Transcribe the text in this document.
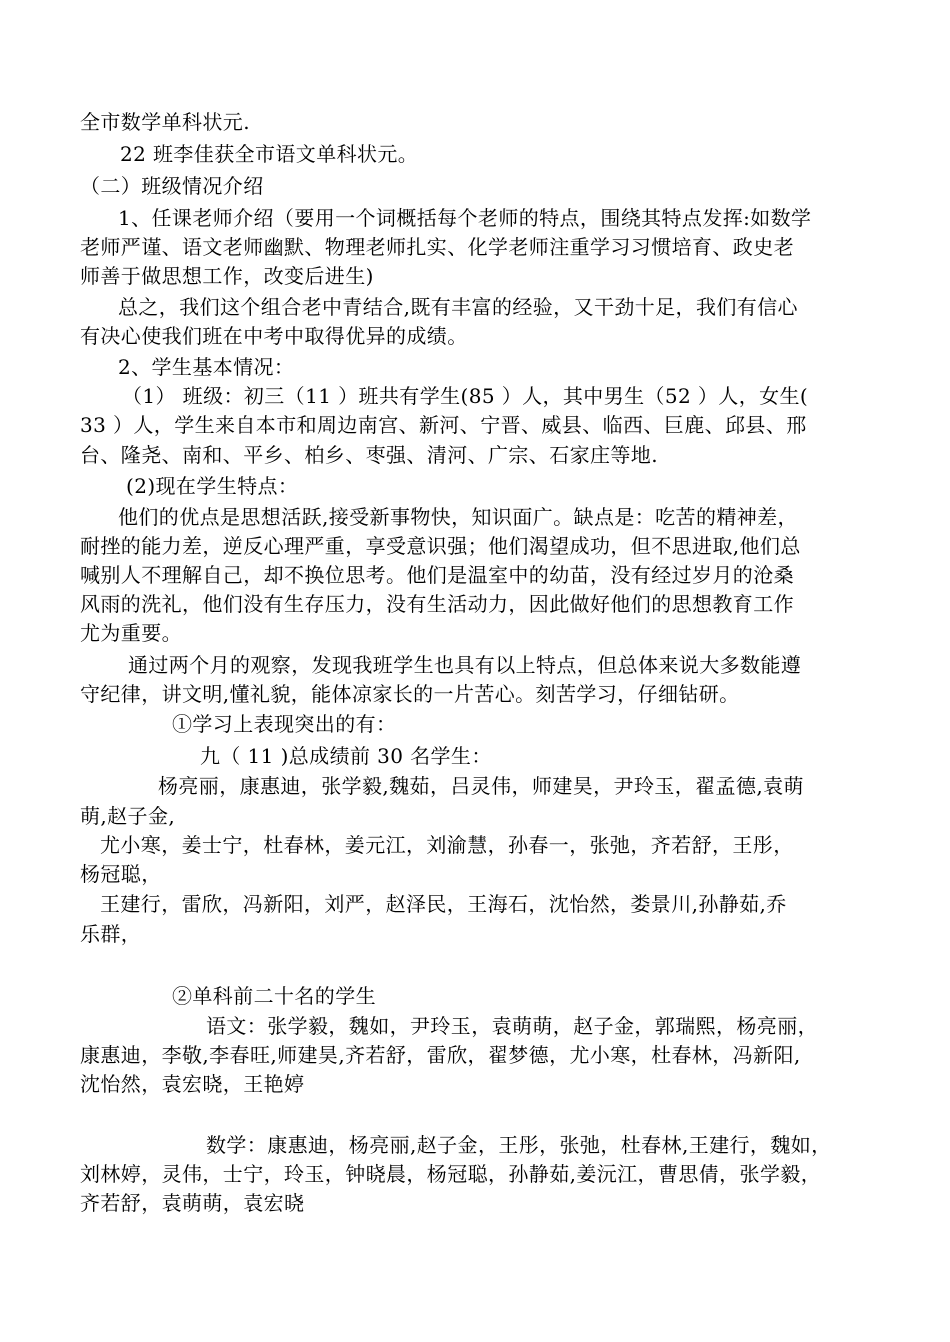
全市数学单科状元.
22 班李佳获全市语文单科状元。
（二）班级情况介绍
1、任课老师介绍（要用一个词概括每个老师的特点，围绕其特点发挥:如数学
老师严谨、语文老师幽默、物理老师扎实、化学老师注重学习习惯培育、政史老
师善于做思想工作，改变后进生)
总之，我们这个组合老中青结合,既有丰富的经验，又干劲十足，我们有信心
有决心使我们班在中考中取得优异的成绩。
2、学生基本情况：
（1） 班级：初三（11 ）班共有学生(85 ）人，其中男生（52 ）人，女生(
33 ）人，学生来自本市和周边南宫、新河、宁晋、威县、临西、巨鹿、邱县、邢
台、隆尧、南和、平乡、柏乡、枣强、清河、广宗、石家庄等地.
(2)现在学生特点：
他们的优点是思想活跃,接受新事物快，知识面广。缺点是：吃苦的精神差，
耐挫的能力差，逆反心理严重，享受意识强；他们渴望成功，但不思进取,他们总
喊别人不理解自己，却不换位思考。他们是温室中的幼苗，没有经过岁月的沧桑
风雨的洗礼，他们没有生存压力，没有生活动力，因此做好他们的思想教育工作
尤为重要。
通过两个月的观察，发现我班学生也具有以上特点，但总体来说大多数能遵
守纪律，讲文明,懂礼貌，能体凉家长的一片苦心。刻苦学习，仔细钻研。
①学习上表现突出的有：
九（ 11 )总成绩前 30 名学生：
杨亮丽，康惠迪，张学毅,魏茹，吕灵伟，师建昊，尹玲玉，翟孟德,袁萌
萌,赵子金,
尤小寒，姜士宁，杜春林，姜元江，刘渝慧，孙春一，张弛，齐若舒，王彤，
杨冠聪，
王建行，雷欣，冯新阳，刘严，赵泽民，王海石，沈怡然，娄景川,孙静茹,乔
乐群，
②单科前二十名的学生
语文：张学毅，魏如，尹玲玉，袁萌萌，赵子金，郭瑞熙，杨亮丽，
康惠迪，李敬,李春旺,师建昊,齐若舒，雷欣，翟梦德，尤小寒，杜春林，冯新阳,
沈怡然，袁宏晓，王艳婷
数学：康惠迪，杨亮丽,赵子金，王彤，张弛，杜春林,王建行，魏如，
刘林婷，灵伟，士宁，玲玉，钟晓晨，杨冠聪，孙静茹,姜沅江，曹思倩，张学毅，
齐若舒，袁萌萌，袁宏晓
